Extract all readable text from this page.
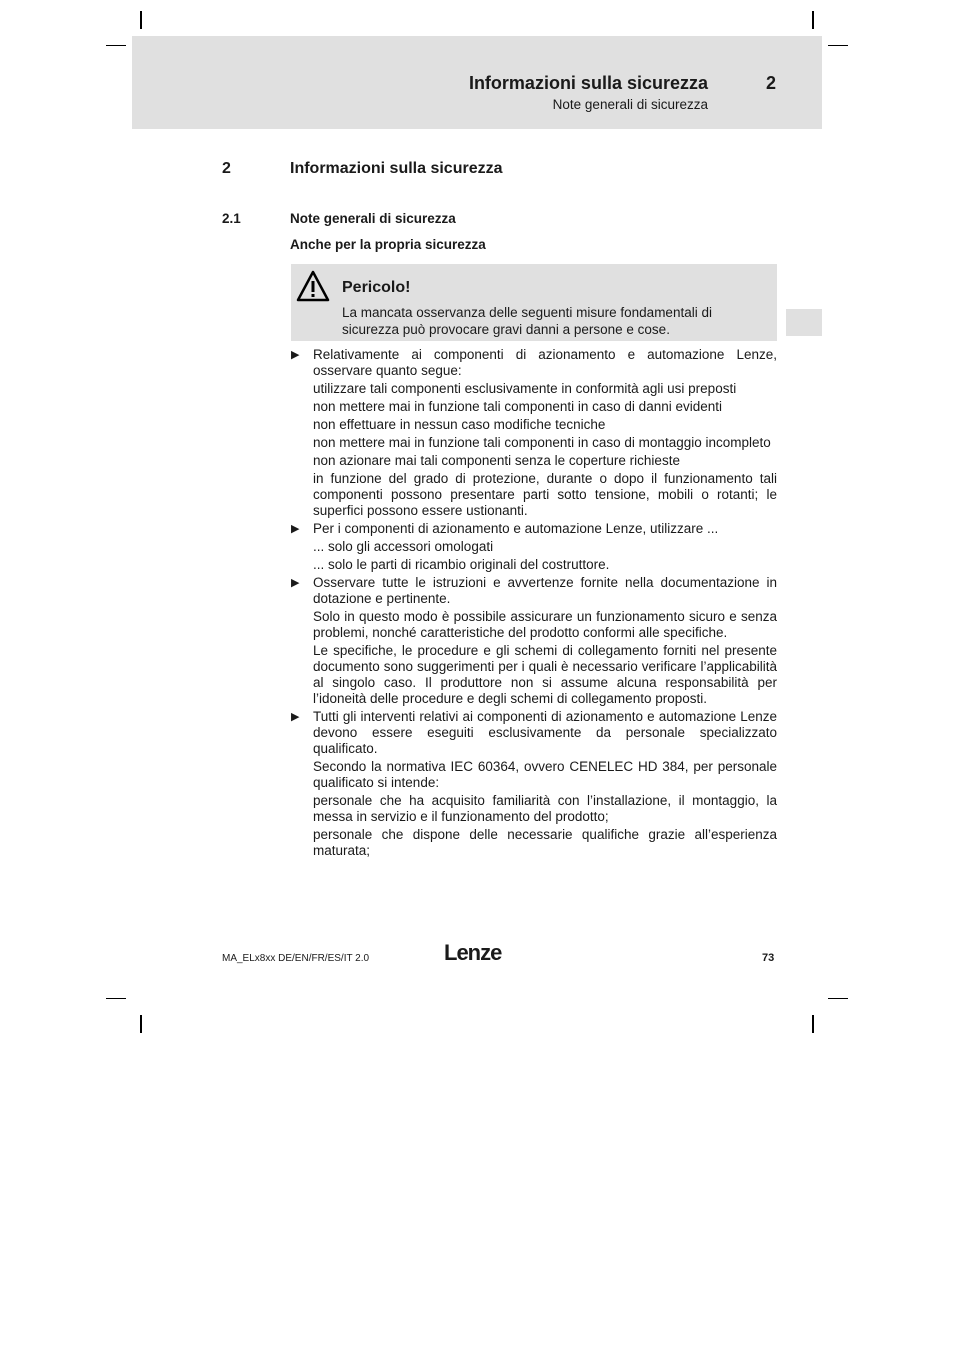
Informazioni sulla sicurezza	2
Note generali di sicurezza
2	Informazioni sulla sicurezza
2.1	Note generali di sicurezza
Anche per la propria sicurezza
Pericolo!
La mancata osservanza delle seguenti misure fondamentali di sicurezza può provocare gravi danni a persone e cose.
▶ Relativamente ai componenti di azionamento e automazione Lenze, osservare quanto segue:

utilizzare tali componenti esclusivamente in conformità agli usi preposti

non mettere mai in funzione tali componenti in caso di danni evidenti

non effettuare in nessun caso modifiche tecniche

non mettere mai in funzione tali componenti in caso di montaggio incompleto

non azionare mai tali componenti senza le coperture richieste

in funzione del grado di protezione, durante o dopo il funzionamento tali componenti possono presentare parti sotto tensione, mobili o rotanti; le superfici possono essere ustionanti.

▶ Per i componenti di azionamento e automazione Lenze, utilizzare ...

... solo gli accessori omologati

... solo le parti di ricambio originali del costruttore.

▶ Osservare tutte le istruzioni e avvertenze fornite nella documentazione in dotazione e pertinente.

Solo in questo modo è possibile assicurare un funzionamento sicuro e senza problemi, nonché caratteristiche del prodotto conformi alle specifiche.

Le specifiche, le procedure e gli schemi di collegamento forniti nel presente documento sono suggerimenti per i quali è necessario verificare l’applicabilità al singolo caso. Il produttore non si assume alcuna responsabilità per l’idoneità delle procedure e degli schemi di collegamento proposti.

▶ Tutti gli interventi relativi ai componenti di azionamento e automazione Lenze devono essere eseguiti esclusivamente da personale specializzato qualificato.

Secondo la normativa IEC 60364, ovvero CENELEC HD 384, per personale qualificato si intende:

personale che ha acquisito familiarità con l’installazione, il montaggio, la messa in servizio e il funzionamento del prodotto;

personale che dispone delle necessarie qualifiche grazie all’esperienza maturata;

MA_ELx8xx DE/EN/FR/ES/IT 2.0	Lenze	73
